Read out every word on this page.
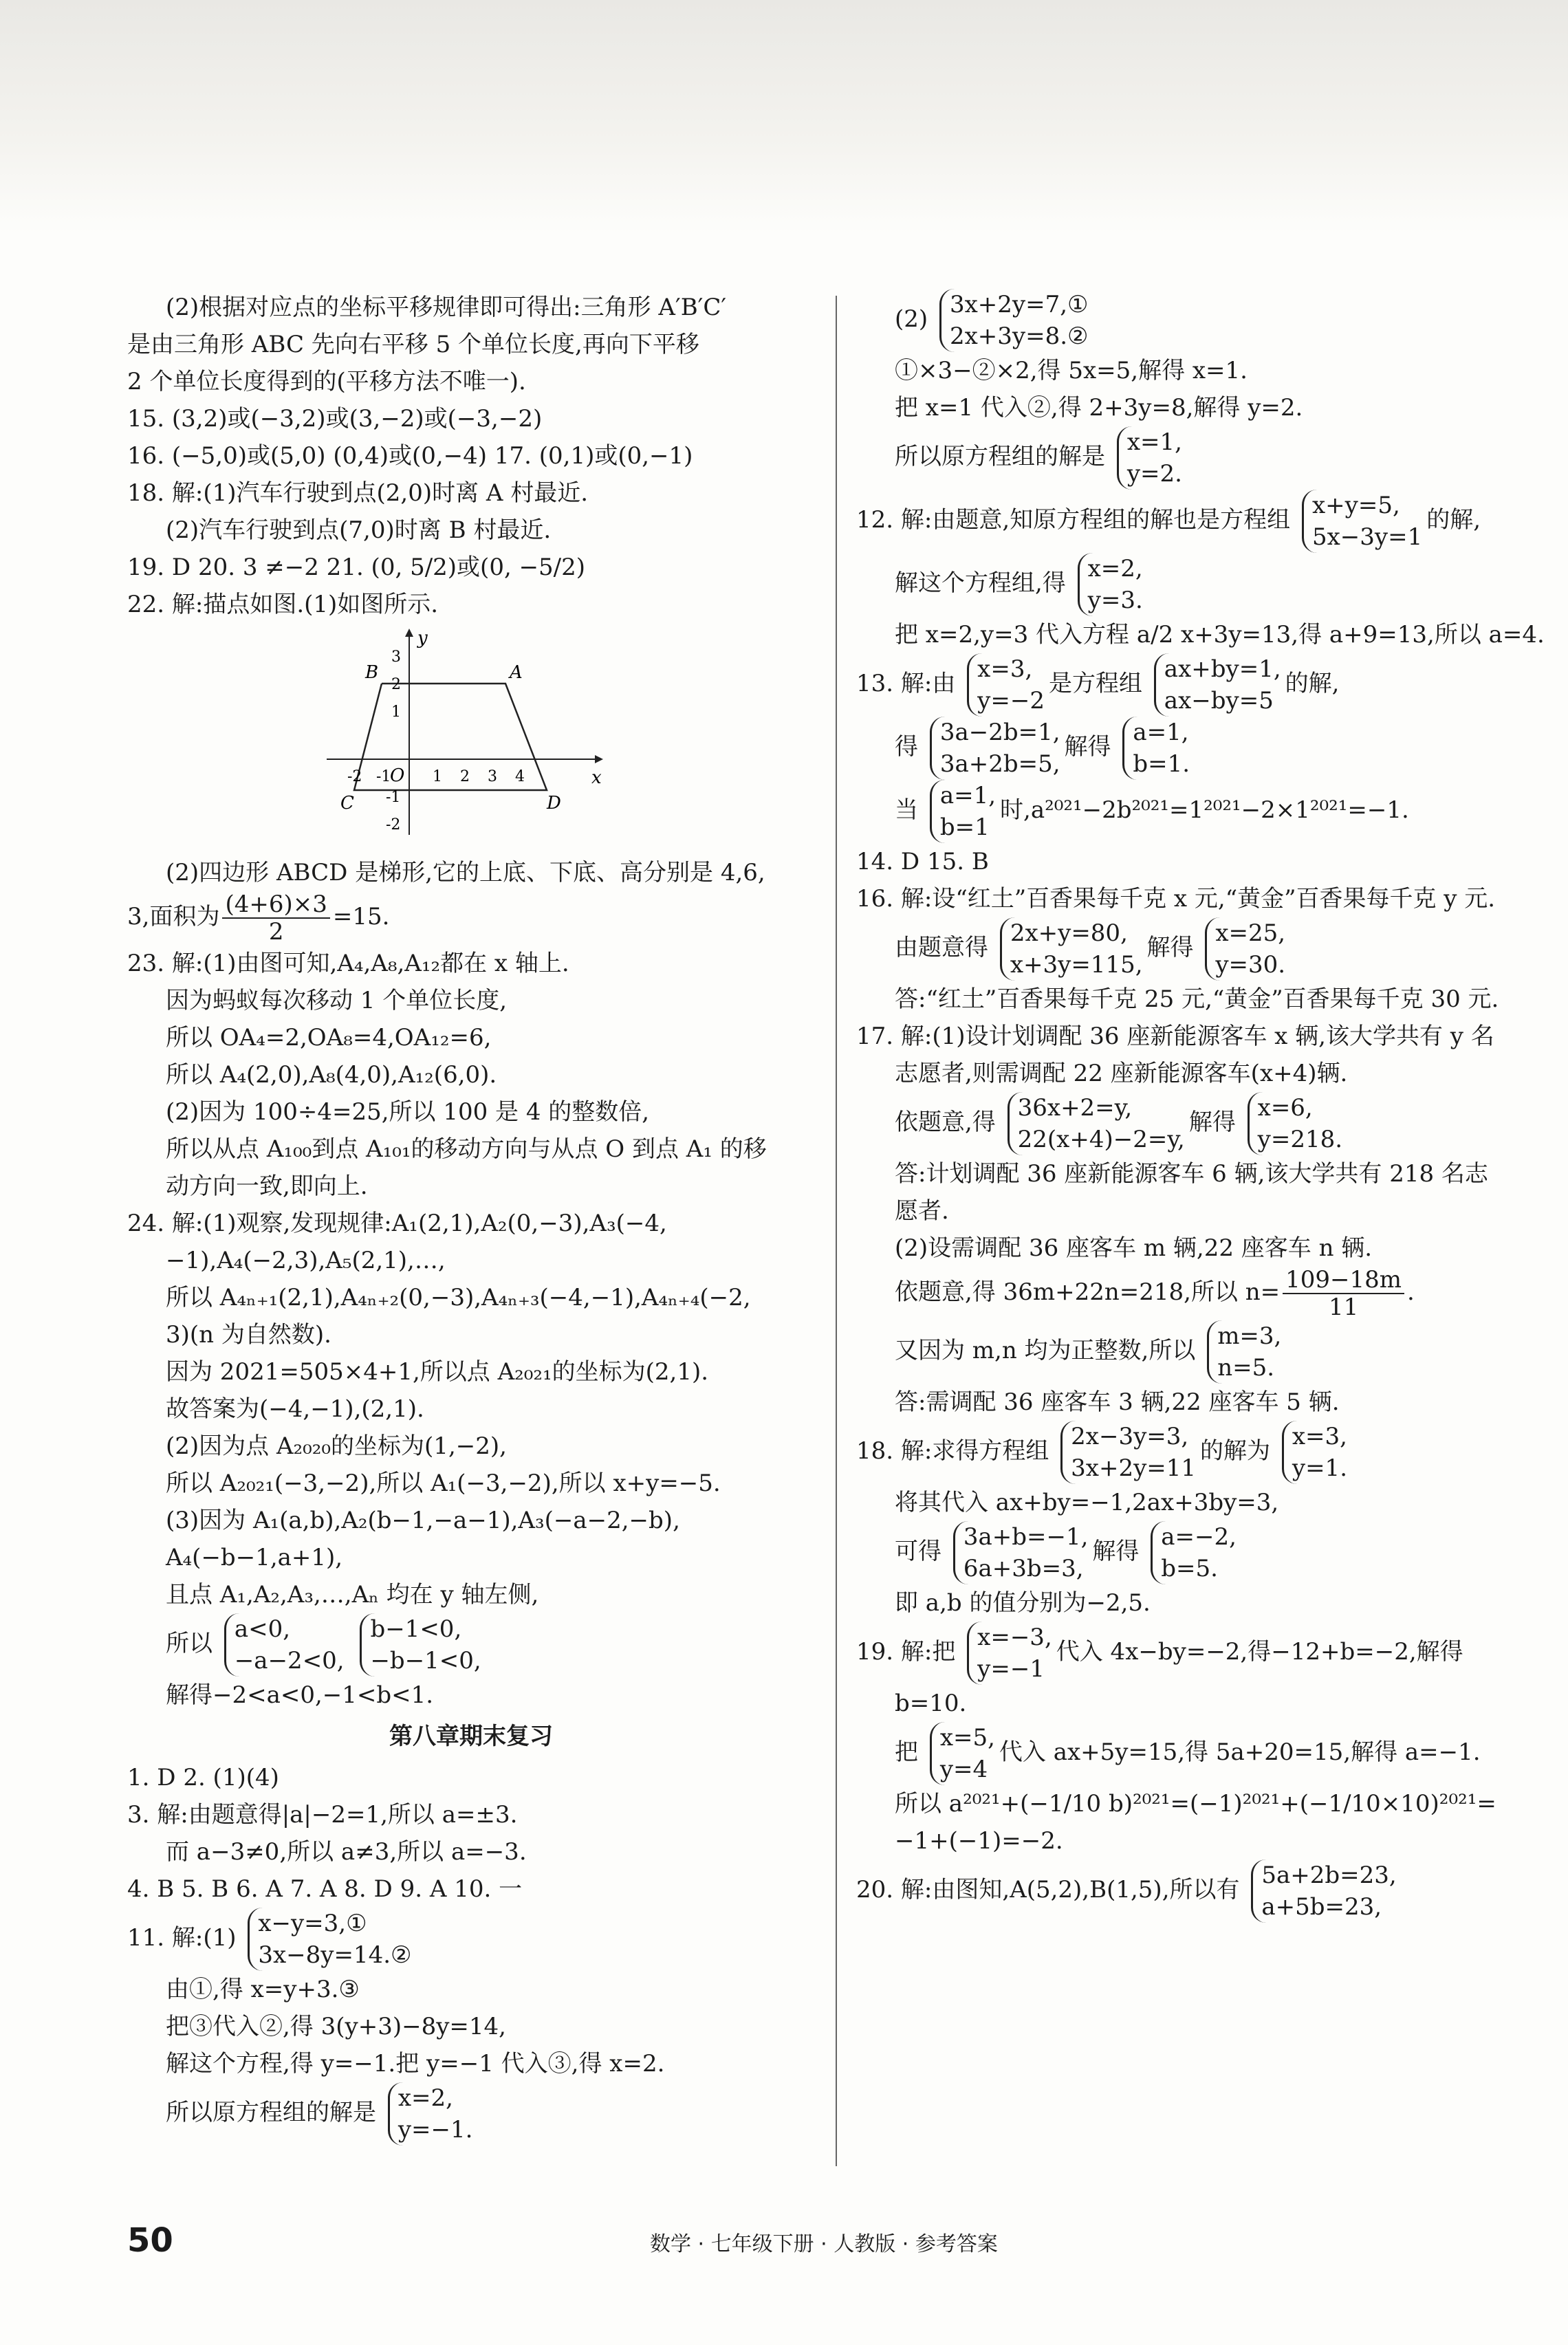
(2)根据对应点的坐标平移规律即可得出:三角形 A′B′C′
是由三角形 ABC 先向右平移 5 个单位长度,再向下平移
2 个单位长度得到的(平移方法不唯一).
15. (3,2)或(−3,2)或(3,−2)或(−3,−2)
16. (−5,0)或(5,0) (0,4)或(0,−4) 17. (0,1)或(0,−1)
18. 解:(1)汽车行驶到点(2,0)时离 A 村最近.
(2)汽车行驶到点(7,0)时离 B 村最近.
19. D 20. 3 ≠−2 21. (0, 5/2)或(0, −5/2)
22. 解:描点如图.(1)如图所示.
x
y
O
A
B
C	D
-2 -1	1 2 3 4
3
2
1
-1
-2
(2)四边形 ABCD 是梯形,它的上底、下底、高分别是 4,6,
3,面积为 $\frac{(4+6)\times 3}{2} =15$.
23. 解:(1)由图可知,A₄,A₈,A₁₂都在 x 轴上.
因为蚂蚁每次移动 1 个单位长度,
所以 OA₄=2,OA₈=4,OA₁₂=6,
所以 A₄(2,0),A₈(4,0),A₁₂(6,0).
(2)因为 100÷4=25,所以 100 是 4 的整数倍,
所以从点 A₁₀₀到点 A₁₀₁的移动方向与从点 O 到点 A₁ 的移
动方向一致,即向上.
24. 解:(1)观察,发现规律:A₁(2,1),A₂(0,−3),A₃(−4,
−1),A₄(−2,3),A₅(2,1),…,
所以 A₄ₙ₊₁(2,1),A₄ₙ₊₂(0,−3),A₄ₙ₊₃(−4,−1),A₄ₙ₊₄(−2,
3)(n 为自然数).
因为 2021=505×4+1,所以点 A₂₀₂₁的坐标为(2,1).
故答案为(−4,−1),(2,1).
(2)因为点 A₂₀₂₀的坐标为(1,−2),
所以 A₂₀₂₁(−3,−2),所以 A₁(−3,−2),所以 x+y=−5.
(3)因为 A₁(a,b),A₂(b−1,−a−1),A₃(−a−2,−b),
A₄(−b−1,a+1),
且点 A₁,A₂,A₃,…,Aₙ 均在 y 轴左侧,
所以
a<0,
−a−2<0,

b−1<0,
−b−1<0,
解得−2<a<0,−1<b<1.
第八章期末复习
1. D 2. (1)(4)
3. 解:由题意得|a|−2=1,所以 a=±3.
而 a−3≠0,所以 a≠3,所以 a=−3.
4. B 5. B 6. A 7. A 8. D 9. A 10. 一
11. 解:(1)
x−y=3,①
3x−8y=14.②
由①,得 x=y+3.③
把③代入②,得 3(y+3)−8y=14,
解这个方程,得 y=−1.把 y=−1 代入③,得 x=2.
所以原方程组的解是
x=2,
y=−1.
(2)
3x+2y=7,①
2x+3y=8.②
①×3−②×2,得 5x=5,解得 x=1.
把 x=1 代入②,得 2+3y=8,解得 y=2.
所以原方程组的解是
x=1,
y=2.
12. 解:由题意,知原方程组的解也是方程组
x+y=5,
5x−3y=1
的解,
解这个方程组,得
x=2,
y=3.
把 x=2,y=3 代入方程 a/2 x+3y=13,得 a+9=13,所以 a=4.
13. 解:由
x=3,
y=−2
是方程组
ax+by=1,
ax−by=5
的解,
得
3a−2b=1,
3a+2b=5,
解得
a=1,
b=1.
当
a=1,
b=1
时,a²⁰²¹−2b²⁰²¹=1²⁰²¹−2×1²⁰²¹=−1.
14. D 15. B
16. 解:设“红土”百香果每千克 x 元,“黄金”百香果每千克 y 元.
由题意得
2x+y=80,
x+3y=115,
解得
x=25,
y=30.
答:“红土”百香果每千克 25 元,“黄金”百香果每千克 30 元.
17. 解:(1)设计划调配 36 座新能源客车 x 辆,该大学共有 y 名
志愿者,则需调配 22 座新能源客车(x+4)辆.
依题意,得
36x+2=y,
22(x+4)−2=y,
解得
x=6,
y=218.
答:计划调配 36 座新能源客车 6 辆,该大学共有 218 名志
愿者.
(2)设需调配 36 座客车 m 辆,22 座客车 n 辆.
依题意,得 36m+22n=218,所以 $n= \frac{109-18m}{11}$ .
又因为 m,n 均为正整数,所以
m=3,
n=5.
答:需调配 36 座客车 3 辆,22 座客车 5 辆.
18. 解:求得方程组
2x−3y=3,
3x+2y=11
的解为
x=3,
y=1.
将其代入 ax+by=−1,2ax+3by=3,
可得
3a+b=−1,
6a+3b=3,
解得
a=−2,
b=5.
即 a,b 的值分别为−2,5.
19. 解:把
x=−3,
y=−1
代入 4x−by=−2,得−12+b=−2,解得
b=10.
把
x=5,
y=4
代入 ax+5y=15,得 5a+20=15,解得 a=−1.
所以 a²⁰²¹+(−1/10 b)²⁰²¹=(−1)²⁰²¹+(−1/10×10)²⁰²¹=
−1+(−1)=−2.
20. 解:由图知,A(5,2),B(1,5),所以有
5a+2b=23,
a+5b=23,
50	数学 · 七年级下册 · 人教版 · 参考答案
